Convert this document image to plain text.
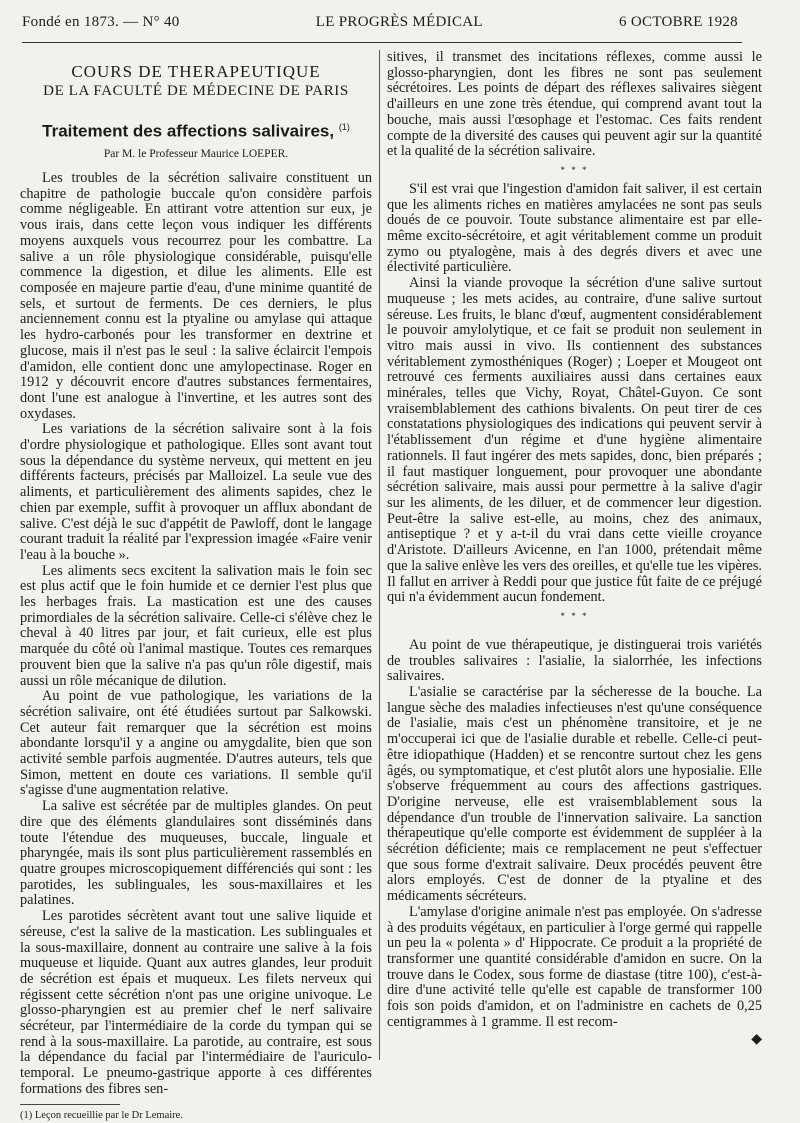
Fondé en 1873. — N° 40	LE PROGRÈS MÉDICAL	6 OCTOBRE 1928
COURS DE THERAPEUTIQUE
DE LA FACULTÉ DE MÉDECINE DE PARIS
Traitement des affections salivaires, $^{(1)}$
Par M. le Professeur Maurice LOEPER.

Les troubles de la sécrétion salivaire constituent un chapitre de pathologie buccale qu'on considère parfois comme négligeable. En attirant votre attention sur eux, je vous irais, dans cette leçon vous indiquer les différents moyens auxquels vous recourrez pour les combattre. La salive a un rôle physiologique considérable, puisqu'elle commence la digestion, et dilue les aliments. Elle est composée en majeure partie d'eau, d'une minime quantité de sels, et surtout de ferments. De ces derniers, le plus anciennement connu est la ptyaline ou amylase qui attaque les hydro-carbonés pour les transformer en dextrine et glucose, mais il n'est pas le seul : la salive éclaircit l'empois d'amidon, elle contient donc une amylopectinase. Roger en 1912 y découvrit encore d'autres substances fermentaires, dont l'une est analogue à l'invertine, et les autres sont des oxydases.

Les variations de la sécrétion salivaire sont à la fois d'ordre physiologique et pathologique. Elles sont avant tout sous la dépendance du système nerveux, qui mettent en jeu différents facteurs, précisés par Malloizel. La seule vue des aliments, et particulièrement des aliments sapides, chez le chien par exemple, suffit à provoquer un afflux abondant de salive. C'est déjà le suc d'appétit de Pawloff, dont le langage courant traduit la réalité par l'expression imagée «Faire venir l'eau à la bouche ».

Les aliments secs excitent la salivation mais le foin sec est plus actif que le foin humide et ce dernier l'est plus que les herbages frais. La mastication est une des causes primordiales de la sécrétion salivaire. Celle-ci s'élève chez le cheval à 40 litres par jour, et fait curieux, elle est plus marquée du côté où l'animal mastique. Toutes ces remarques prouvent bien que la salive n'a pas qu'un rôle digestif, mais aussi un rôle mécanique de dilution.

Au point de vue pathologique, les variations de la sécrétion salivaire, ont été étudiées surtout par Salkowski. Cet auteur fait remarquer que la sécrétion est moins abondante lorsqu'il y a angine ou amygdalite, bien que son activité semble parfois augmentée. D'autres auteurs, tels que Simon, mettent en doute ces variations. Il semble qu'il s'agisse d'une augmentation relative.

La salive est sécrétée par de multiples glandes. On peut dire que des éléments glandulaires sont disséminés dans toute l'étendue des muqueuses, buccale, linguale et pharyngée, mais ils sont plus particulièrement rassemblés en quatre groupes microscopiquement différenciés qui sont : les parotides, les sublinguales, les sous-maxillaires et les palatines.

Les parotides sécrètent avant tout une salive liquide et séreuse, c'est la salive de la mastication. Les sublinguales et la sous-maxillaire, donnent au contraire une salive à la fois muqueuse et liquide. Quant aux autres glandes, leur produit de sécrétion est épais et muqueux. Les filets nerveux qui régissent cette sécrétion n'ont pas une origine univoque. Le glosso-pharyngien est au premier chef le nerf salivaire sécréteur, par l'intermédiaire de la corde du tympan qui se rend à la sous-maxillaire. La parotide, au contraire, est sous la dépendance du facial par l'intermédiaire de l'auriculo-temporal. Le pneumo-gastrique apporte à ces différentes formations des fibres sen-

(1) Leçon recueillie par le Dr Lemaire.

sitives, il transmet des incitations réflexes, comme aussi le glosso-pharyngien, dont les fibres ne sont pas seulement sécrétoires. Les points de départ des réflexes salivaires siègent d'ailleurs en une zone très étendue, qui comprend avant tout la bouche, mais aussi l'œsophage et l'estomac. Ces faits rendent compte de la diversité des causes qui peuvent agir sur la quantité et la qualité de la sécrétion salivaire.

* * *

S'il est vrai que l'ingestion d'amidon fait saliver, il est certain que les aliments riches en matières amylacées ne sont pas seuls doués de ce pouvoir. Toute substance alimentaire est par elle-même excito-sécrétoire, et agit véritablement comme un produit zymo ou ptyalogène, mais à des degrés divers et avec une électivité particulière.

Ainsi la viande provoque la sécrétion d'une salive surtout muqueuse ; les mets acides, au contraire, d'une salive surtout séreuse. Les fruits, le blanc d'œuf, augmentent considérablement le pouvoir amylolytique, et ce fait se produit non seulement in vitro mais aussi in vivo. Ils contiennent des substances véritablement zymosthéniques (Roger) ; Loeper et Mougeot ont retrouvé ces ferments auxiliaires aussi dans certaines eaux minérales, telles que Vichy, Royat, Châtel-Guyon. Ce sont vraisemblablement des cathions bivalents. On peut tirer de ces constatations physiologiques des indications qui peuvent servir à l'établissement d'un régime et d'une hygiène alimentaire rationnels. Il faut ingérer des mets sapides, donc, bien préparés ; il faut mastiquer longuement, pour provoquer une abondante sécrétion salivaire, mais aussi pour permettre à la salive d'agir sur les aliments, de les diluer, et de commencer leur digestion. Peut-être la salive est-elle, au moins, chez des animaux, antiseptique ? et y a-t-il du vrai dans cette vieille croyance d'Aristote. D'ailleurs Avicenne, en l'an 1000, prétendait même que la salive enlève les vers des oreilles, et qu'elle tue les vipères. Il fallut en arriver à Reddi pour que justice fût faite de ce préjugé qui n'a évidemment aucun fondement.

* * *

Au point de vue thérapeutique, je distinguerai trois variétés de troubles salivaires : l'asialie, la sialorrhée, les infections salivaires.

L'asialie se caractérise par la sécheresse de la bouche. La langue sèche des maladies infectieuses n'est qu'une conséquence de l'asialie, mais c'est un phénomène transitoire, et je ne m'occuperai ici que de l'asialie durable et rebelle. Celle-ci peut-être idiopathique (Hadden) et se rencontre surtout chez les gens âgés, ou symptomatique, et c'est plutôt alors une hyposialie. Elle s'observe fréquemment au cours des affections gastriques. D'origine nerveuse, elle est vraisemblablement sous la dépendance d'un trouble de l'innervation salivaire. La sanction thérapeutique qu'elle comporte est évidemment de suppléer à la sécrétion déficiente; mais ce remplacement ne peut s'effectuer que sous forme d'extrait salivaire. Deux procédés peuvent être alors employés. C'est de donner de la ptyaline et des médicaments sécréteurs.

L'amylase d'origine animale n'est pas employée. On s'adresse à des produits végétaux, en particulier à l'orge germé qui rappelle un peu la « polenta » d' Hippocrate. Ce produit a la propriété de transformer une quantité considérable d'amidon en sucre. On la trouve dans le Codex, sous forme de diastase (titre 100), c'est-à-dire d'une activité telle qu'elle est capable de transformer 100 fois son poids d'amidon, et on l'administre en cachets de 0,25 centigrammes à 1 gramme. Il est recom-

◆
